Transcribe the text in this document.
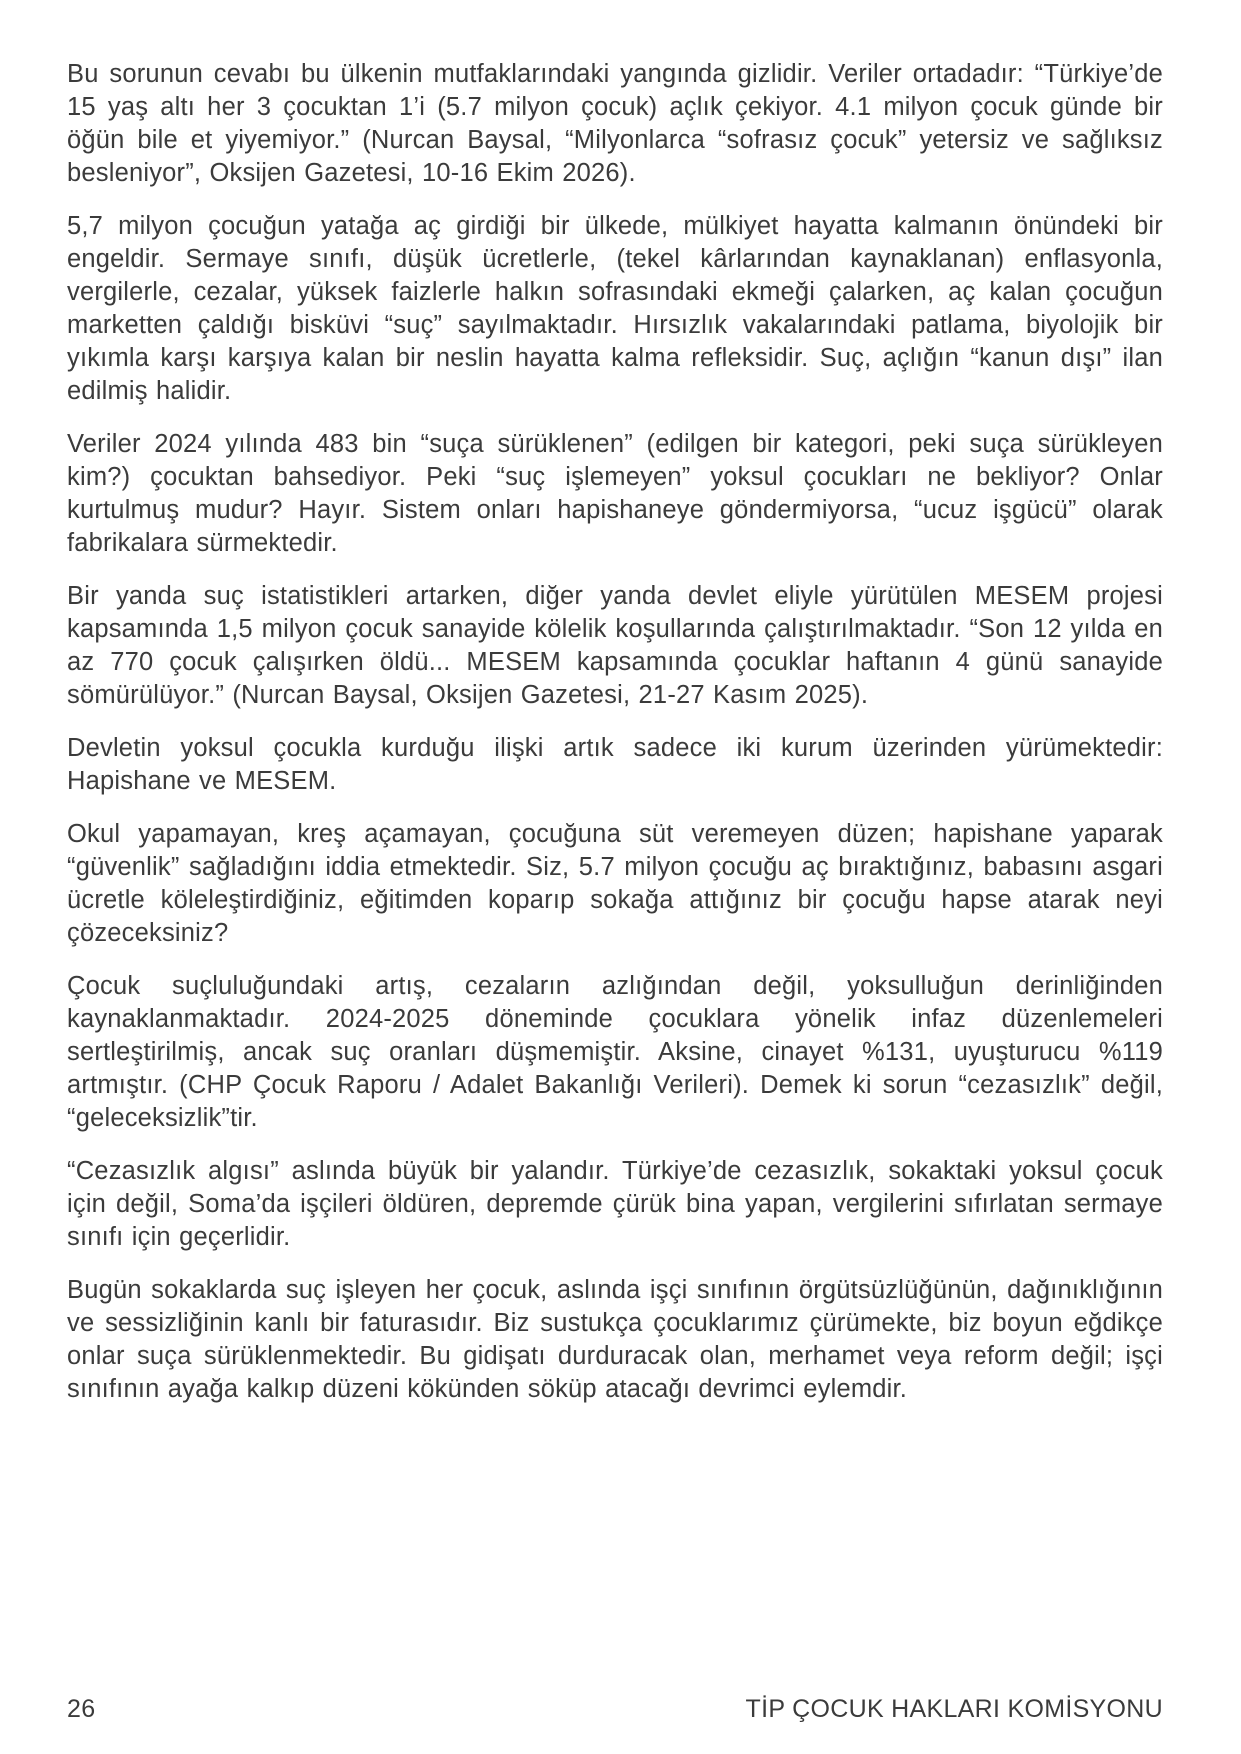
Bu sorunun cevabı bu ülkenin mutfaklarındaki yangında gizlidir. Veriler ortadadır: “Türkiye’de 15 yaş altı her 3 çocuktan 1’i (5.7 milyon çocuk) açlık çekiyor. 4.1 milyon çocuk günde bir öğün bile et yiyemiyor.” (Nurcan Baysal, “Milyonlarca “sofrasız çocuk” yetersiz ve sağlıksız besleniyor”, Oksijen Gazetesi, 10-16 Ekim 2026).

5,7 milyon çocuğun yatağa aç girdiği bir ülkede, mülkiyet hayatta kalmanın önündeki bir engeldir. Sermaye sınıfı, düşük ücretlerle, (tekel kârlarından kaynaklanan) enflasyonla, vergilerle, cezalar, yüksek faizlerle halkın sofrasındaki ekmeği çalarken, aç kalan çocuğun marketten çaldığı bisküvi “suç” sayılmaktadır. Hırsızlık vakalarındaki patlama, biyolojik bir yıkımla karşı karşıya kalan bir neslin hayatta kalma refleksidir. Suç, açlığın “kanun dışı” ilan edilmiş halidir.

Veriler 2024 yılında 483 bin “suça sürüklenen” (edilgen bir kategori, peki suça sürükleyen kim?) çocuktan bahsediyor. Peki “suç işlemeyen” yoksul çocukları ne bekliyor? Onlar kurtulmuş mudur? Hayır. Sistem onları hapishaneye göndermiyorsa, “ucuz işgücü” olarak fabrikalara sürmektedir.

Bir yanda suç istatistikleri artarken, diğer yanda devlet eliyle yürütülen MESEM projesi kapsamında 1,5 milyon çocuk sanayide kölelik koşullarında çalıştırılmaktadır. “Son 12 yılda en az 770 çocuk çalışırken öldü... MESEM kapsamında çocuklar haftanın 4 günü sanayide sömürülüyor.” (Nurcan Baysal, Oksijen Gazetesi, 21-27 Kasım 2025).

Devletin yoksul çocukla kurduğu ilişki artık sadece iki kurum üzerinden yürümektedir: Hapishane ve MESEM.

Okul yapamayan, kreş açamayan, çocuğuna süt veremeyen düzen; hapishane yaparak “güvenlik” sağladığını iddia etmektedir. Siz, 5.7 milyon çocuğu aç bıraktığınız, babasını asgari ücretle köleleştirdiğiniz, eğitimden koparıp sokağa attığınız bir çocuğu hapse atarak neyi çözeceksiniz?

Çocuk suçluluğundaki artış, cezaların azlığından değil, yoksulluğun derinliğinden kaynaklanmaktadır. 2024-2025 döneminde çocuklara yönelik infaz düzenlemeleri sertleştirilmiş, ancak suç oranları düşmemiştir. Aksine, cinayet %131, uyuşturucu %119 artmıştır. (CHP Çocuk Raporu / Adalet Bakanlığı Verileri). Demek ki sorun “cezasızlık” değil, “geleceksizlik”tir.

“Cezasızlık algısı” aslında büyük bir yalandır. Türkiye’de cezasızlık, sokaktaki yoksul çocuk için değil, Soma’da işçileri öldüren, depremde çürük bina yapan, vergilerini sıfırlatan sermaye sınıfı için geçerlidir.

Bugün sokaklarda suç işleyen her çocuk, aslında işçi sınıfının örgütsüzlüğünün, dağınıklığının ve sessizliğinin kanlı bir faturasıdır. Biz sustukça çocuklarımız çürümekte, biz boyun eğdikçe onlar suça sürüklenmektedir. Bu gidişatı durduracak olan, merhamet veya reform değil; işçi sınıfının ayağa kalkıp düzeni kökünden söküp atacağı devrimci eylemdir.

26	TİP ÇOCUK HAKLARI KOMİSYONU
